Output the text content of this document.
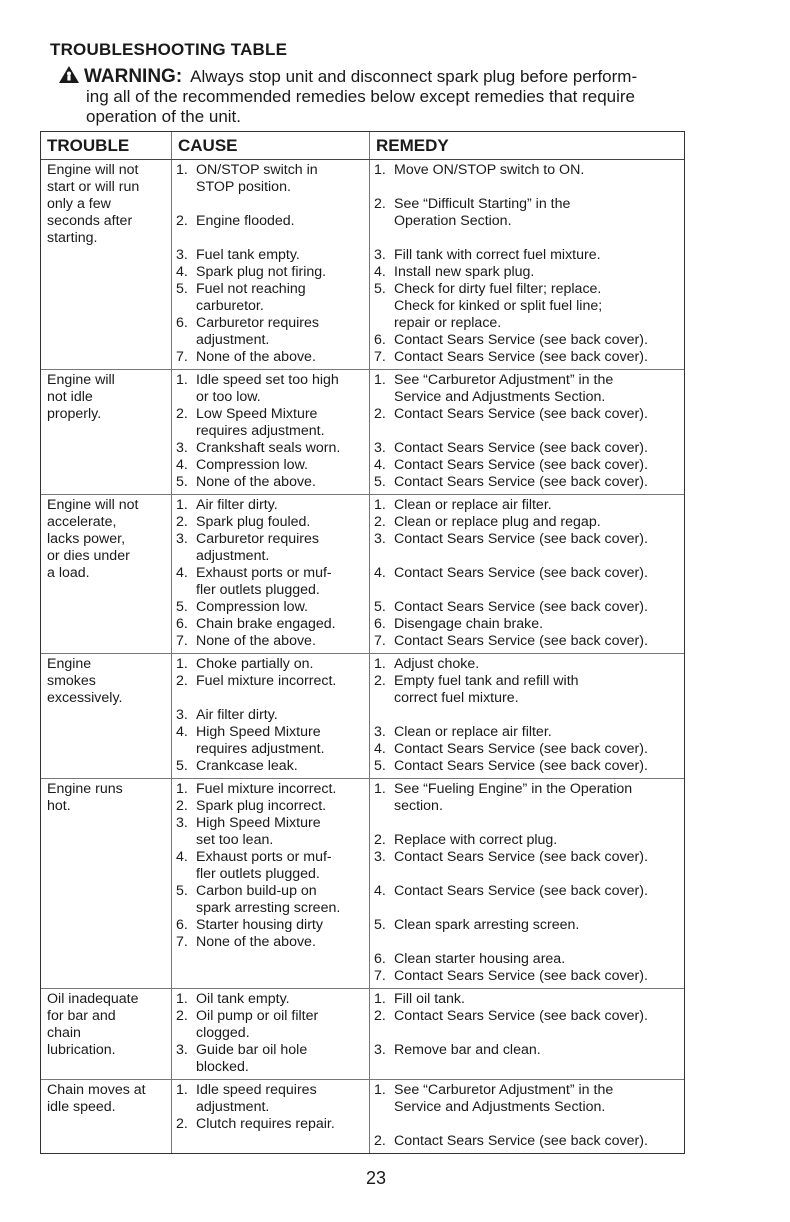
TROUBLESHOOTING TABLE
WARNING: Always stop unit and disconnect spark plug before perform-
ing all of the recommended remedies below except remedies that require
operation of the unit.
TROUBLE	CAUSE	REMEDY
Engine will not
start or will run
only a few
seconds after
starting.
1. ON/STOP switch in
STOP position.
2. Engine flooded.
3. Fuel tank empty.
4. Spark plug not firing.
5. Fuel not reaching
carburetor.
6. Carburetor requires
adjustment.
7. None of the above.
1. Move ON/STOP switch to ON.
2. See “Difficult Starting” in the
Operation Section.
3. Fill tank with correct fuel mixture.
4. Install new spark plug.
5. Check for dirty fuel filter; replace.
Check for kinked or split fuel line;
repair or replace.
6. Contact Sears Service (see back cover).
7. Contact Sears Service (see back cover).
Engine will
not idle
properly.
1. Idle speed set too high
or too low.
2. Low Speed Mixture
requires adjustment.
3. Crankshaft seals worn.
4. Compression low.
5. None of the above.
1. See “Carburetor Adjustment” in the
Service and Adjustments Section.
2. Contact Sears Service (see back cover).
3. Contact Sears Service (see back cover).
4. Contact Sears Service (see back cover).
5. Contact Sears Service (see back cover).
Engine will not
accelerate,
lacks power,
or dies under
a load.
1. Air filter dirty.
2. Spark plug fouled.
3. Carburetor requires
adjustment.
4. Exhaust ports or muf-
fler outlets plugged.
5. Compression low.
6. Chain brake engaged.
7. None of the above.
1. Clean or replace air filter.
2. Clean or replace plug and regap.
3. Contact Sears Service (see back cover).
4. Contact Sears Service (see back cover).
5. Contact Sears Service (see back cover).
6. Disengage chain brake.
7. Contact Sears Service (see back cover).
Engine
smokes
excessively.
1. Choke partially on.
2. Fuel mixture incorrect.
3. Air filter dirty.
4. High Speed Mixture
requires adjustment.
5. Crankcase leak.
1. Adjust choke.
2. Empty fuel tank and refill with
correct fuel mixture.
3. Clean or replace air filter.
4. Contact Sears Service (see back cover).
5. Contact Sears Service (see back cover).
Engine runs
hot.
1. Fuel mixture incorrect.
2. Spark plug incorrect.
3. High Speed Mixture
set too lean.
4. Exhaust ports or muf-
fler outlets plugged.
5. Carbon build-up on
spark arresting screen.
6. Starter housing dirty
7. None of the above.
1. See “Fueling Engine” in the Operation
section.
2. Replace with correct plug.
3. Contact Sears Service (see back cover).
4. Contact Sears Service (see back cover).
5. Clean spark arresting screen.
6. Clean starter housing area.
7. Contact Sears Service (see back cover).
Oil inadequate
for bar and
chain
lubrication.
1. Oil tank empty.
2. Oil pump or oil filter
clogged.
3. Guide bar oil hole
blocked.
1. Fill oil tank.
2. Contact Sears Service (see back cover).
3. Remove bar and clean.
Chain moves at
idle speed.
1. Idle speed requires
adjustment.
2. Clutch requires repair.
1. See “Carburetor Adjustment” in the
Service and Adjustments Section.
2. Contact Sears Service (see back cover).
23
